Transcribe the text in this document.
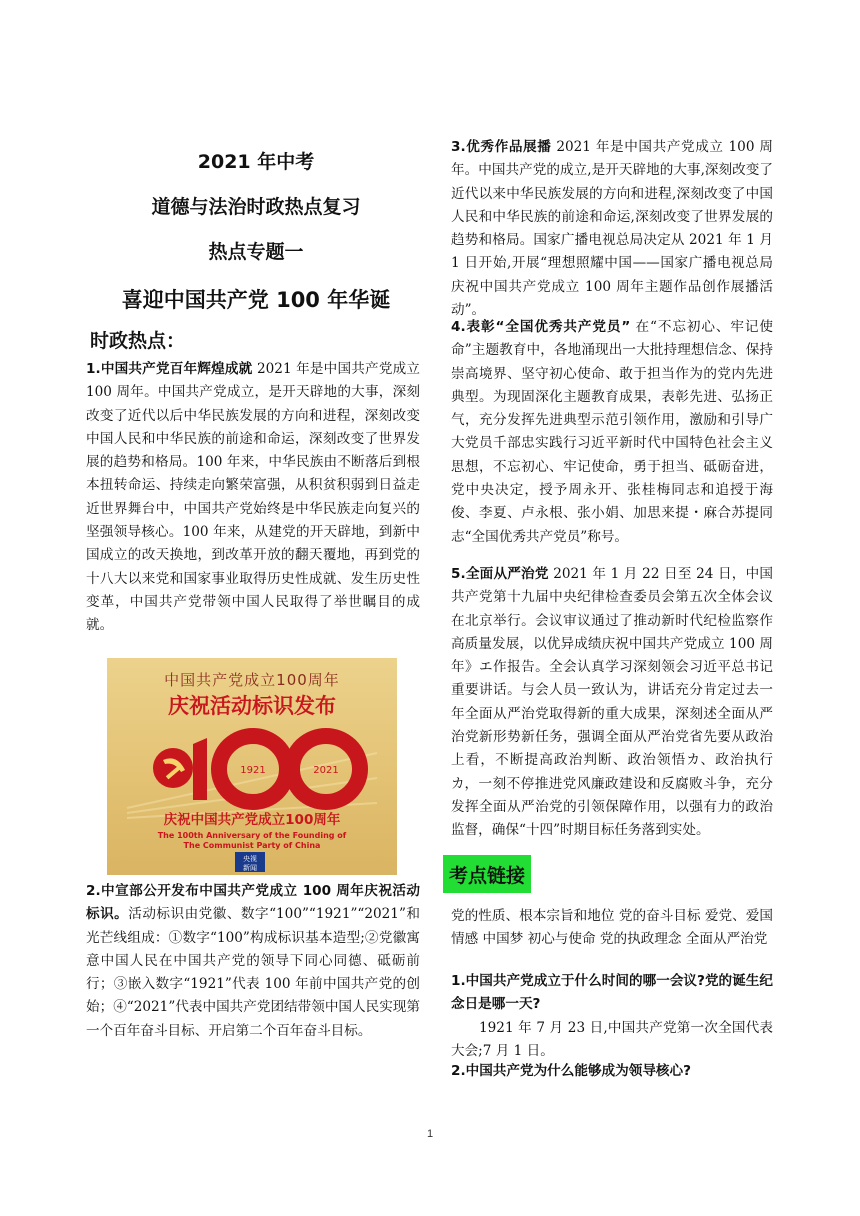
2021 年中考
道德与法治时政热点复习
热点专题一
喜迎中国共产党 100 年华诞
时政热点：

1.中国共产党百年辉煌成就 2021 年是中国共产党成立 100 周年。中国共产党成立，是开天辟地的大事，深刻改变了近代以后中华民族发展的方向和进程，深刻改变中国人民和中华民族的前途和命运，深刻改变了世界发展的趋势和格局。100 年来，中华民族由不断落后到根本扭转命运、持续走向繁荣富强，从积贫积弱到日益走近世界舞台中，中国共产党始终是中华民族走向复兴的坚强领导核心。100 年来，从建党的开天辟地，到新中国成立的改天换地，到改革开放的翻天覆地，再到党的十八大以来党和国家事业取得历史性成就、发生历史性变革，中国共产党带领中国人民取得了举世瞩目的成就。

中国共产党成立100周年
庆祝活动标识发布
1921	2021
庆祝中国共产党成立100周年
The 100th Anniversary of the Founding of
The Communist Party of China
央视
新闻

2.中宣部公开发布中国共产党成立 100 周年庆祝活动标识。活动标识由党徽、数字“100”“1921”“2021”和光芒线组成：①数字“100”构成标识基本造型;②党徽寓意中国人民在中国共产党的领导下同心同德、砥砺前行；③嵌入数字“1921”代表 100 年前中国共产党的创始；④“2021”代表中国共产党团结带领中国人民实现第一个百年奋斗目标、开启第二个百年奋斗目标。

3.优秀作品展播 2021 年是中国共产党成立 100 周年。中国共产党的成立,是开天辟地的大事,深刻改变了近代以来中华民族发展的方向和进程,深刻改变了中国人民和中华民族的前途和命运,深刻改变了世界发展的趋势和格局。国家广播电视总局决定从 2021 年 1 月 1 日开始,开展“理想照耀中国——国家广播电视总局庆祝中国共产党成立 100 周年主题作品创作展播活动”。

4.表彰“全国优秀共产党员” 在“不忘初心、牢记使命”主题教育中，各地涌现出一大批持理想信念、保持崇高境界、坚守初心使命、敢于担当作为的党内先进典型。为现固深化主题教育成果，表彰先进、弘扬正气，充分发挥先进典型示范引领作用，激励和引导广大党员千部忠实践行习近平新时代中国特色社会主义思想，不忘初心、牢记使命，勇于担当、砥砺奋进，党中央决定，授予周永开、张桂梅同志和追授于海俊、李夏、卢永根、张小娟、加思来提・麻合苏提同志“全国优秀共产党员”称号。

5.全面从严治党 2021 年 1 月 22 日至 24 日，中国共产党第十九届中央纪律检查委员会第五次全体会议在北京举行。会议审议通过了推动新时代纪检监察作高质量发展，以优异成绩庆祝中国共产党成立 100 周年》エ作报告。全会认真学习深刻领会习近平总书记重要讲话。与会人员一致认为，讲话充分肯定过去一年全面从严治党取得新的重大成果，深刻述全面从严治党新形势新任务，强调全面从严治党省先要从政治上看，不断提高政治判断、政治领悟カ、政治执行カ，一刻不停推进党风廉政建设和反腐败斗争，充分发挥全面从严治党的引领保障作用，以强有力的政治监督，确保“十四”时期目标任务落到实处。

考点链接

党的性质、根本宗旨和地位 党的奋斗目标 爱党、爱国情感 中国梦 初心与使命 党的执政理念 全面从严治党

1.中国共产党成立于什么时间的哪一会议?党的诞生纪念日是哪一天?

1921 年 7 月 23 日,中国共产党第一次全国代表大会;7 月 1 日。

2.中国共产党为什么能够成为领导核心?

1
